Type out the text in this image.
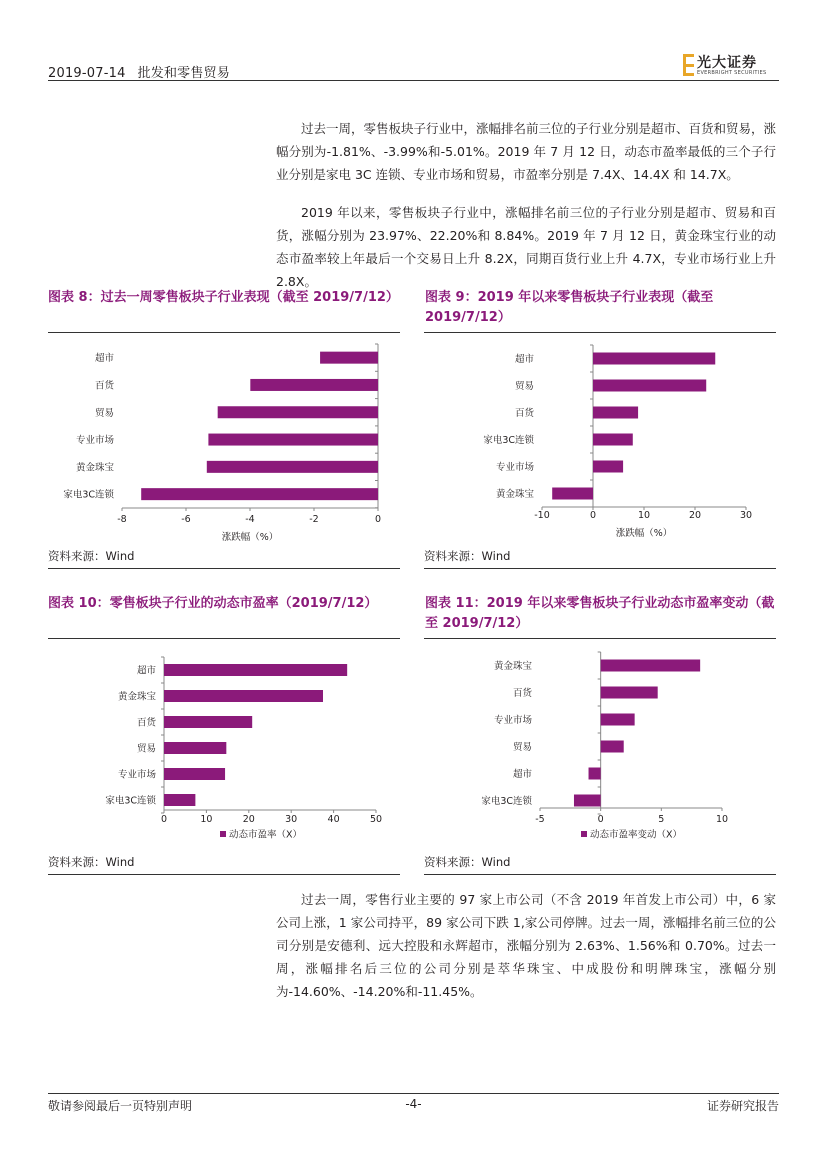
2019-07-14 批发和零售贸易
光大证券
EVERBRIGHT SECURITIES

过去一周，零售板块子行业中，涨幅排名前三位的子行业分别是超市、百货和贸易，涨幅分别为-1.81%、-3.99%和-5.01%。2019 年 7 月 12 日，动态市盈率最低的三个子行业分别是家电 3C 连锁、专业市场和贸易，市盈率分别是 7.4X、14.4X 和 14.7X。

2019 年以来，零售板块子行业中，涨幅排名前三位的子行业分别是超市、贸易和百货，涨幅分别为 23.97%、22.20%和 8.84%。2019 年 7 月 12 日，黄金珠宝行业的动态市盈率较上年最后一个交易日上升 8.2X，同期百货行业上升 4.7X，专业市场行业上升 2.8X。

图表 8：过去一周零售板块子行业表现（截至 2019/7/12）
超市
百货
贸易
专业市场
黄金珠宝
家电3C连锁
-8	-6	-4	-2	0
涨跌幅（%）
资料来源：Wind
图表 9：2019 年以来零售板块子行业表现（截至 2019/7/12）
超市
贸易
百货
家电3C连锁
专业市场
黄金珠宝
-10	0	10	20	30
涨跌幅（%）
资料来源：Wind
图表 10：零售板块子行业的动态市盈率（2019/7/12）
超市
黄金珠宝
百货
贸易
专业市场
家电3C连锁
0	10	20	30	40	50
动态市盈率（X）
资料来源：Wind
图表 11：2019 年以来零售板块子行业动态市盈率变动（截至 2019/7/12）
黄金珠宝
百货
专业市场
贸易
超市
家电3C连锁
-5	0	5	10
动态市盈率变动（X）
资料来源：Wind

过去一周，零售行业主要的 97 家上市公司（不含 2019 年首发上市公司）中，6 家公司上涨，1 家公司持平，89 家公司下跌 1,家公司停牌。过去一周，涨幅排名前三位的公司分别是安德利、远大控股和永辉超市，涨幅分别为 2.63%、1.56%和 0.70%。过去一周，涨幅排名后三位的公司分别是萃华珠宝、中成股份和明牌珠宝，涨幅分别为-14.60%、-14.20%和-11.45%。

敬请参阅最后一页特别声明	-4-	证券研究报告
